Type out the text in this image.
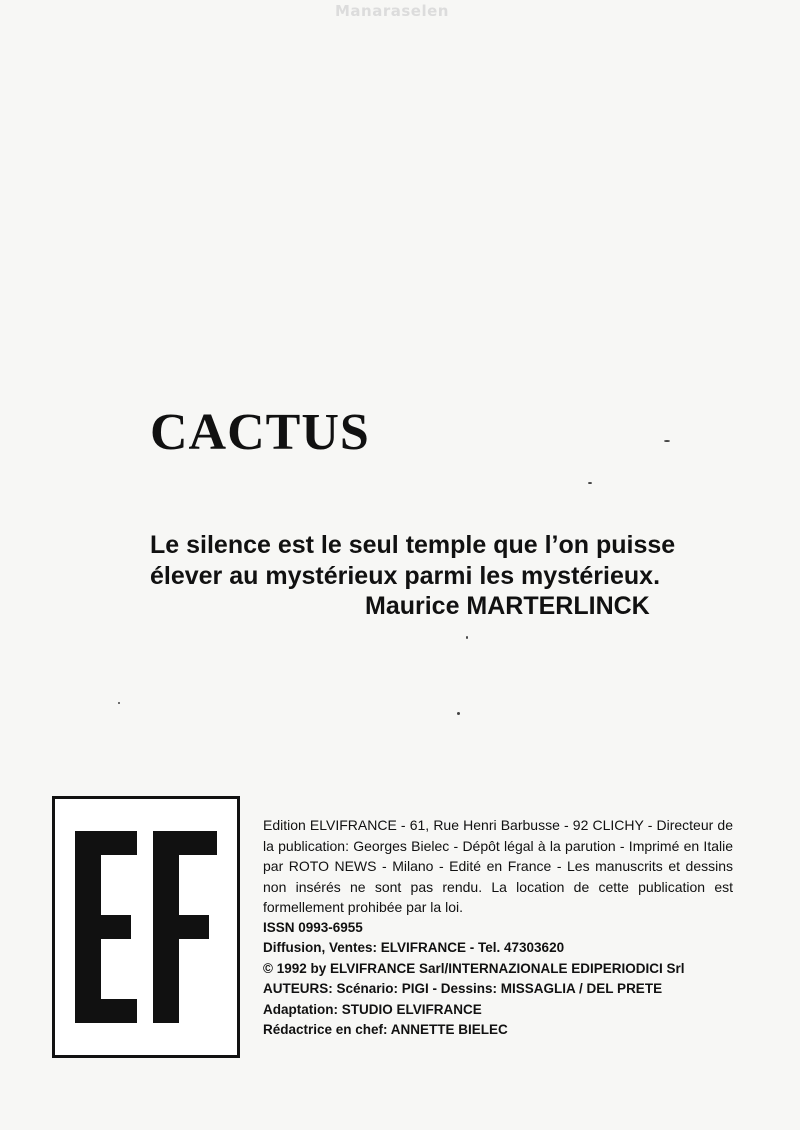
Manaraselen
CACTUS
Le silence est le seul temple que l’on puisse
élever au mystérieux parmi les mystérieux.
Maurice MARTERLINCK
Edition ELVIFRANCE - 61, Rue Henri Barbusse - 92 CLICHY - Directeur de la publication: Georges Bielec - Dépôt légal à la parution - Imprimé en Italie par ROTO NEWS - Milano - Edité en France - Les manuscrits et dessins non insérés ne sont pas rendu. La location de cette publication est formellement prohibée par la loi.
ISSN 0993-6955
Diffusion, Ventes: ELVIFRANCE - Tel. 47303620
© 1992 by ELVIFRANCE Sarl/INTERNAZIONALE EDIPERIODICI Srl
AUTEURS: Scénario: PIGI - Dessins: MISSAGLIA / DEL PRETE
Adaptation: STUDIO ELVIFRANCE
Rédactrice en chef: ANNETTE BIELEC
